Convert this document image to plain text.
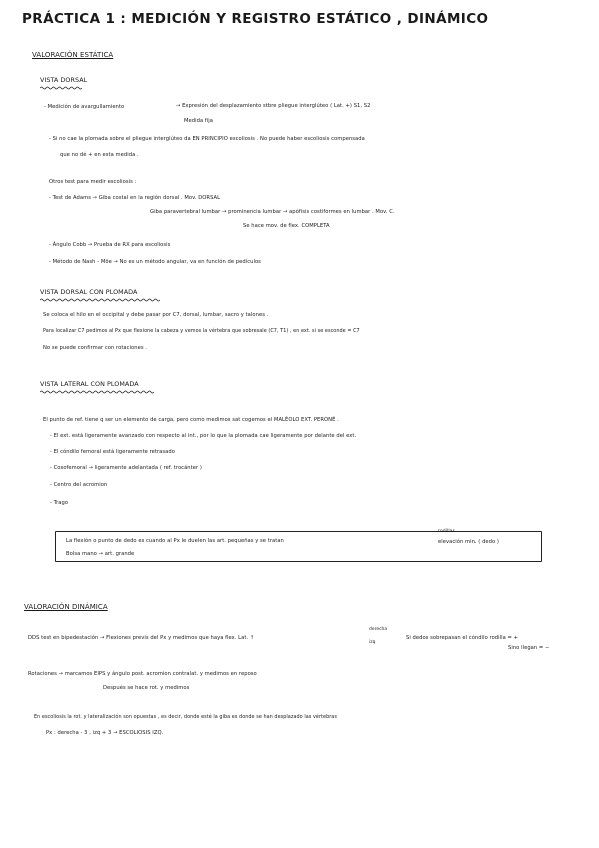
PRÁCTICA 1 : MEDICIÓN Y REGISTRO ESTÁTICO , DINÁMICO
VALORACIÓN ESTÁTICA
VISTA DORSAL
- Medición de avargullamiento	→ Expresión del desplazamiento stbre pliegue interglúteo ( Lat. +) S1, S2
Medida fija
- Si no cae la plomada sobre el pliegue interglúteo da EN PRINCIPIO escoliosis . No puede haber escoliosis compensada
que no dé + en esta medida .
Otros test para medir escoliosis :
- Test de Adams → Giba costal en la región dorsal . Mov. DORSAL
Giba paravertebral lumbar → prominencia lumbar → apófisis costiformes en lumbar . Mov. C.
Se hace mov. de flex. COMPLETA
- Ángulo Cobb → Prueba de RX para escoliosis
- Método de Nash - Möe → No es un método angular, va en función de pedículos
VISTA DORSAL CON PLOMADA
Se coloca el hilo en el occipital y debe pasar por C7, dorsal, lumbar, sacro y talones .
Para localizar C7 pedimos al Px que flexione la cabeza y vemos la vértebra que sobresale (C7, T1) , en ext. si se esconde = C7
No se puede confirmar con rotaciones .
VISTA LATERAL CON PLOMADA
El punto de ref. tiene q ser un elemento de carga, pero como medimos sat cogemos el MALÉOLO EXT. PERONÉ .
- El ext. está ligeramente avanzado con respecto al int., por lo que la plomada cae ligeramente por delante del ext.
- El cóndilo femoral está ligeramente retrasado
- Coxofemoral → ligeramente adelantada ( ref. trocánter )
- Centro del acromion
- Trago
La flexión o punto de dedo es cuando al Px le duelen las art. pequeñas y se tratan
rodillas
elevación min. ( dedo )
Bolsa mano → art. grande
VALORACIÓN DINÁMICA
DDS test en bipedestación → Flexiones previs del Px y medimos que haya flex. Lat. ↑
derecha
izq
Si dedos sobrepasan el cóndilo rodilla = +
Sino llegan = −
Rotaciones → marcamos EIPS y ángulo post. acromion contralat. y medimos en reposo
Después se hace rot. y medimos
En escoliosis la rot. y lateralización son opuestas , es decir, donde esté la giba es donde se han desplazado las vértebras
Px : derecha - 3 , izq + 3 → ESCOLIOSIS IZQ.
